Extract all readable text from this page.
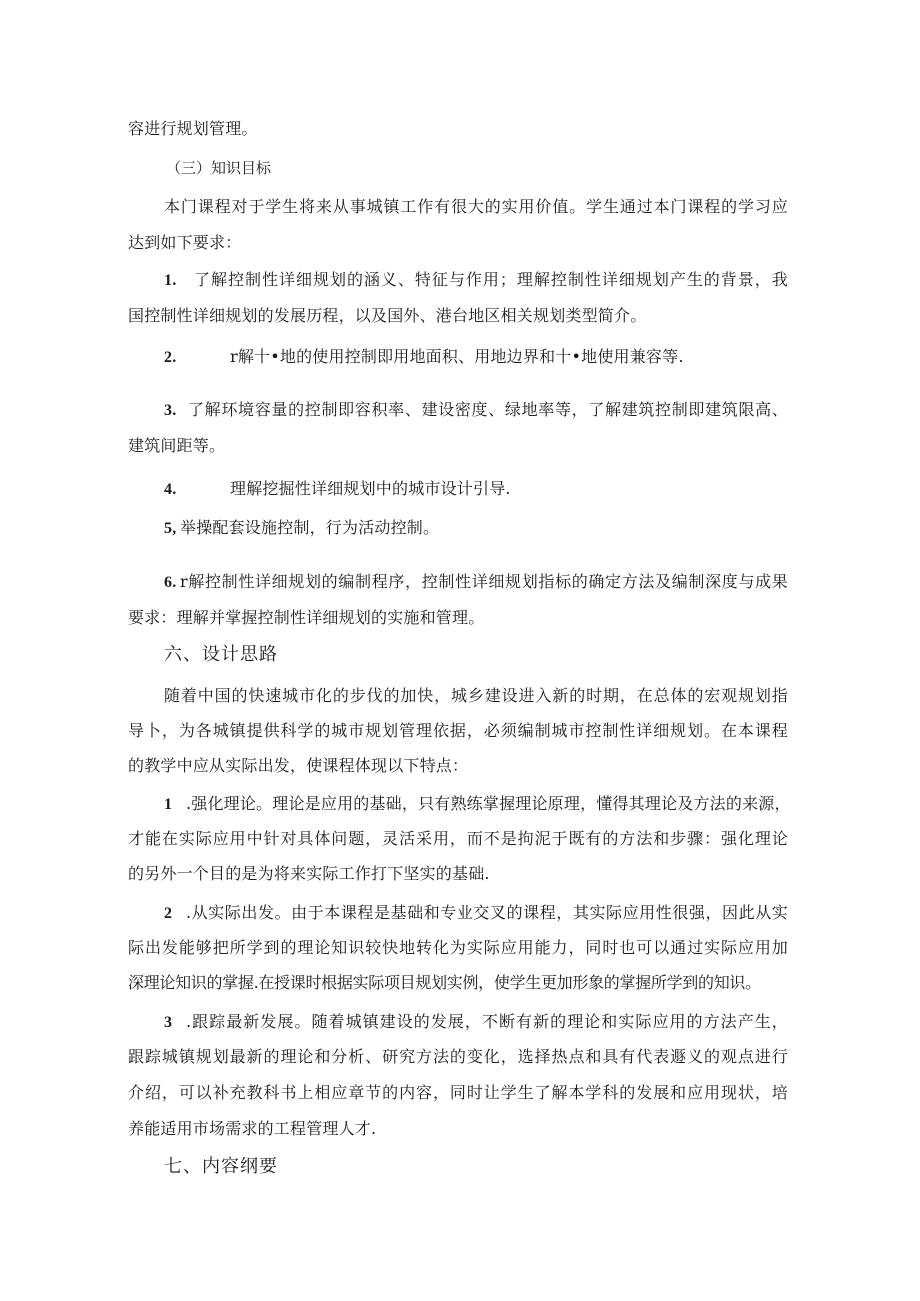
容进行规划管理。
（三）知识目标
本门课程对于学生将来从事城镇工作有很大的实用价值。学生通过本门课程的学习应
达到如下要求：
1.	了解控制性详细规划的涵义、特征与作用；理解控制性详细规划产生的背景，我
国控制性详细规划的发展历程，以及国外、港台地区相关规划类型简介。
2.	r解十•地的使用控制即用地面积、用地边界和十•地使用兼容等.
3. 了解环境容量的控制即容积率、建设密度、绿地率等，了解建筑控制即建筑限高、
建筑间距等。
4.	理解挖掘性详细规划中的城市设计引导.
5, 举操配套设施控制，行为活动控制。
6. r解控制性详细规划的编制程序，控制性详细规划指标的确定方法及编制深度与成果
要求：理解并掌握控制性详细规划的实施和管理。
六、设计思路
随着中国的快速城市化的步伐的加快，城乡建设进入新的时期，在总体的宏观规划指
导卜，为各城镇提供科学的城市规划管理依据，必须编制城市控制性详细规划。在本课程
的教学中应从实际出发，使课程体现以下特点：
1 .强化理论。理论是应用的基础，只有熟练掌握理论原理，懂得其理论及方法的来源，
才能在实际应用中针对具体问题，灵活采用，而不是拘泥于既有的方法和步骤：强化理论
的另外一个目的是为将来实际工作打下坚实的基础.
2 .从实际出发。由于本课程是基础和专业交叉的课程，其实际应用性很强，因此从实
际出发能够把所学到的理论知识较快地转化为实际应用能力，同时也可以通过实际应用加
深理论知识的掌握.在授课时根据实际项目规划实例，使学生更加形象的掌握所学到的知识。
3 .跟踪最新发展。随着城镇建设的发展，不断有新的理论和实际应用的方法产生，
跟踪城镇规划最新的理论和分析、研究方法的变化，选择热点和具有代表遯义的观点进行
介绍，可以补充教科书上相应章节的内容，同时让学生了解本学科的发展和应用现状，培
养能适用市场需求的工程管理人才.
七、内容纲要
